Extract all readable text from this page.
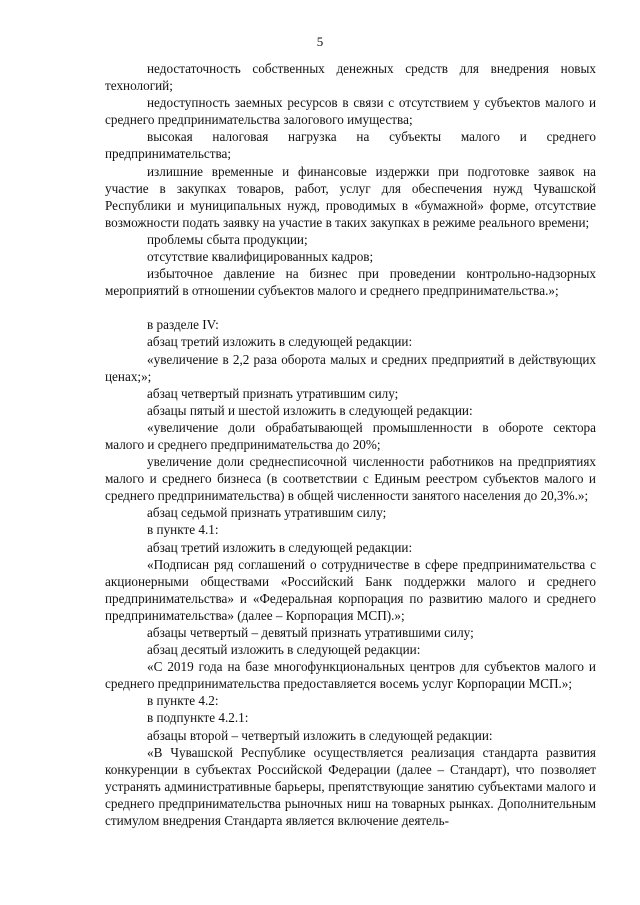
5

недостаточность собственных денежных средств для внедрения новых технологий;

недоступность заемных ресурсов в связи с отсутствием у субъектов малого и среднего предпринимательства залогового имущества;

высокая налоговая нагрузка на субъекты малого и среднего предпринимательства;

излишние временные и финансовые издержки при подготовке заявок на участие в закупках товаров, работ, услуг для обеспечения нужд Чувашской Республики и муниципальных нужд, проводимых в «бумажной» форме, отсутствие возможности подать заявку на участие в таких закупках в режиме реального времени;

проблемы сбыта продукции;

отсутствие квалифицированных кадров;

избыточное давление на бизнес при проведении контрольно-надзорных мероприятий в отношении субъектов малого и среднего предпринимательства.»;

в разделе IV:

абзац третий изложить в следующей редакции:

«увеличение в 2,2 раза оборота малых и средних предприятий в действующих ценах;»;

абзац четвертый признать утратившим силу;

абзацы пятый и шестой изложить в следующей редакции:

«увеличение доли обрабатывающей промышленности в обороте сектора малого и среднего предпринимательства до 20%;

увеличение доли среднесписочной численности работников на предприятиях малого и среднего бизнеса (в соответствии с Единым реестром субъектов малого и среднего предпринимательства) в общей численности занятого населения до 20,3%.»;

абзац седьмой признать утратившим силу;

в пункте 4.1:

абзац третий изложить в следующей редакции:

«Подписан ряд соглашений о сотрудничестве в сфере предпринимательства с акционерными обществами «Российский Банк поддержки малого и среднего предпринимательства» и «Федеральная корпорация по развитию малого и среднего предпринимательства» (далее – Корпорация МСП).»;

абзацы четвертый – девятый признать утратившими силу;

абзац десятый изложить в следующей редакции:

«С 2019 года на базе многофункциональных центров для субъектов малого и среднего предпринимательства предоставляется восемь услуг Корпорации МСП.»;

в пункте 4.2:

в подпункте 4.2.1:

абзацы второй – четвертый изложить в следующей редакции:

«В Чувашской Республике осуществляется реализация стандарта развития конкуренции в субъектах Российской Федерации (далее – Стандарт), что позволяет устранять административные барьеры, препятствующие занятию субъектами малого и среднего предпринимательства рыночных ниш на товарных рынках. Дополнительным стимулом внедрения Стандарта является включение деятель-
